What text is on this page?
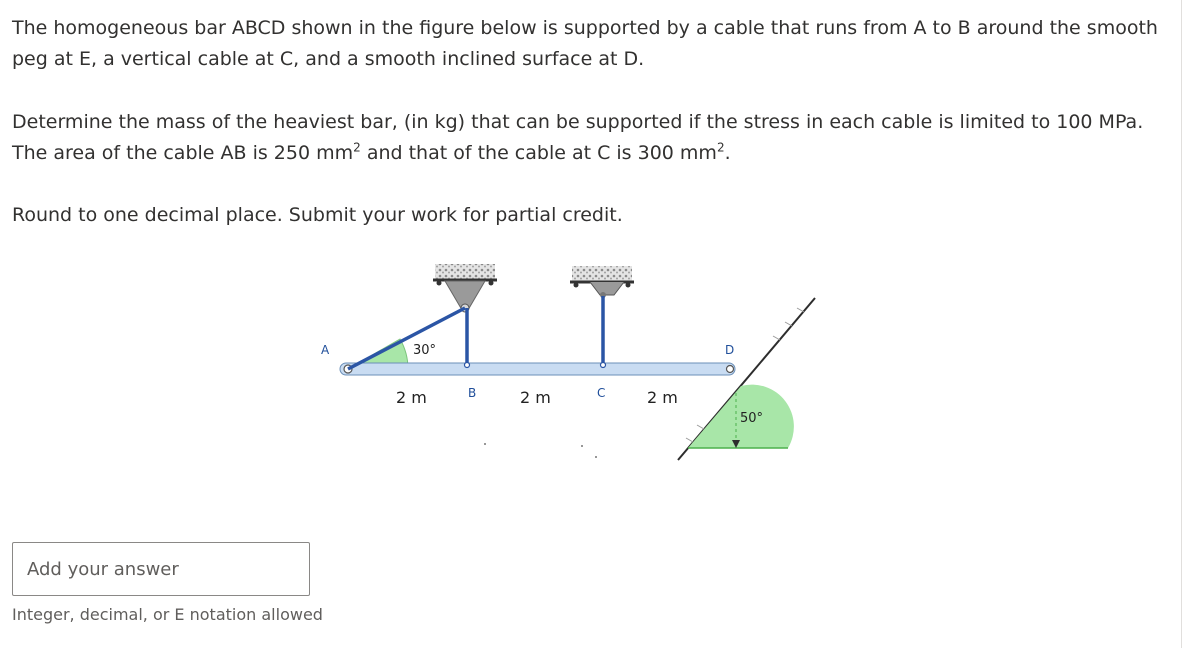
The homogeneous bar ABCD shown in the figure below is supported by a cable that runs from A to B around the smooth peg at E, a vertical cable at C, and a smooth inclined surface at D.

Determine the mass of the heaviest bar, (in kg) that can be supported if the stress in each cable is limited to 100 MPa. The area of the cable AB is 250 $mm^2$ and that of the cable at C is 300 $mm^2$.

Round to one decimal place. Submit your work for partial credit.

A	30°	D
2 m	B	2 m	C	2 m
50°
Add your answer

Integer, decimal, or E notation allowed
